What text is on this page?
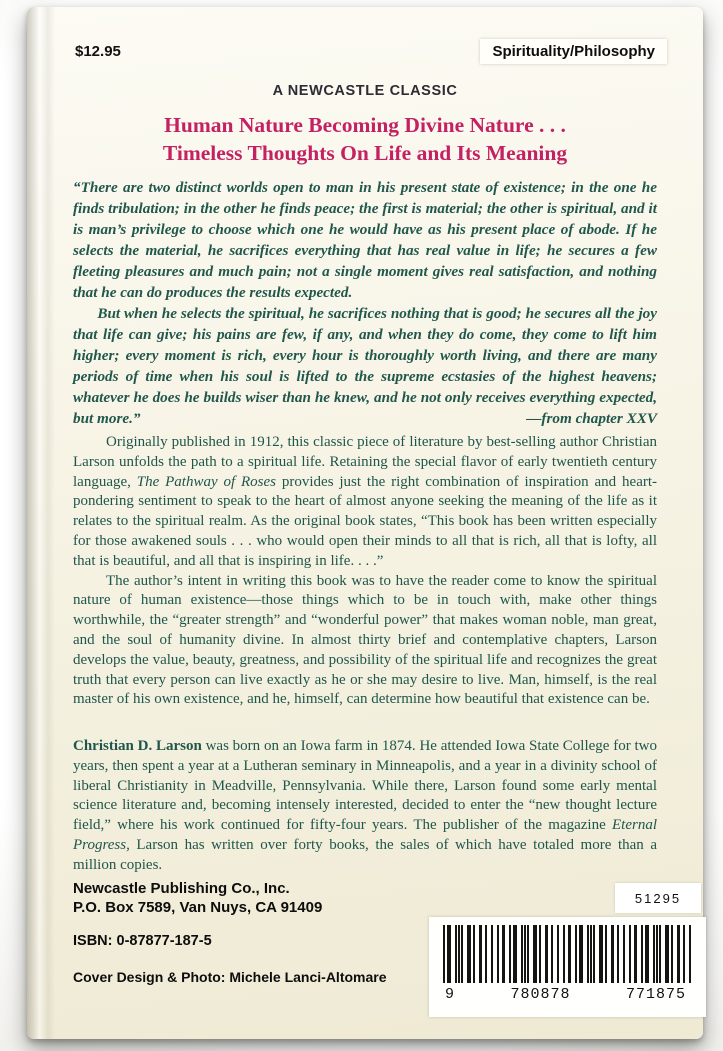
$12.95	Spirituality/Philosophy
A NEWCASTLE CLASSIC
Human Nature Becoming Divine Nature . . .
Timeless Thoughts On Life and Its Meaning

“There are two distinct worlds open to man in his present state of existence; in the one he finds tribulation; in the other he finds peace; the first is material; the other is spiritual, and it is man’s privilege to choose which one he would have as his present place of abode. If he selects the material, he sacrifices everything that has real value in life; he secures a few fleeting pleasures and much pain; not a single moment gives real satisfaction, and nothing that he can do produces the results expected.

But when he selects the spiritual, he sacrifices nothing that is good; he secures all the joy that life can give; his pains are few, if any, and when they do come, they come to lift him higher; every moment is rich, every hour is thoroughly worth living, and there are many periods of time when his soul is lifted to the supreme ecstasies of the highest heavens; whatever he does he builds wiser than he knew, and he not only receives everything expected, but more.”	—from chapter XXV

Originally published in 1912, this classic piece of literature by best-selling author Christian Larson unfolds the path to a spiritual life. Retaining the special flavor of early twentieth century language, The Pathway of Roses provides just the right combination of inspiration and heart-pondering sentiment to speak to the heart of almost anyone seeking the meaning of the life as it relates to the spiritual realm. As the original book states, “This book has been written especially for those awakened souls . . . who would open their minds to all that is rich, all that is lofty, all that is beautiful, and all that is inspiring in life. . . .”

The author’s intent in writing this book was to have the reader come to know the spiritual nature of human existence—those things which to be in touch with, make other things worthwhile, the “greater strength” and “wonderful power” that makes woman noble, man great, and the soul of humanity divine. In almost thirty brief and contemplative chapters, Larson develops the value, beauty, greatness, and possibility of the spiritual life and recognizes the great truth that every person can live exactly as he or she may desire to live. Man, himself, is the real master of his own existence, and he, himself, can determine how beautiful that existence can be.

Christian D. Larson was born on an Iowa farm in 1874. He attended Iowa State College for two years, then spent a year at a Lutheran seminary in Minneapolis, and a year in a divinity school of liberal Christianity in Meadville, Pennsylvania. While there, Larson found some early mental science literature and, becoming intensely interested, decided to enter the “new thought lecture field,” where his work continued for fifty-four years. The publisher of the magazine Eternal Progress, Larson has written over forty books, the sales of which have totaled more than a million copies.

Newcastle Publishing Co., Inc.
P.O. Box 7589, Van Nuys, CA 91409
ISBN: 0-87877-187-5
Cover Design & Photo: Michele Lanci-Altomare
51295
9	780878	771875
